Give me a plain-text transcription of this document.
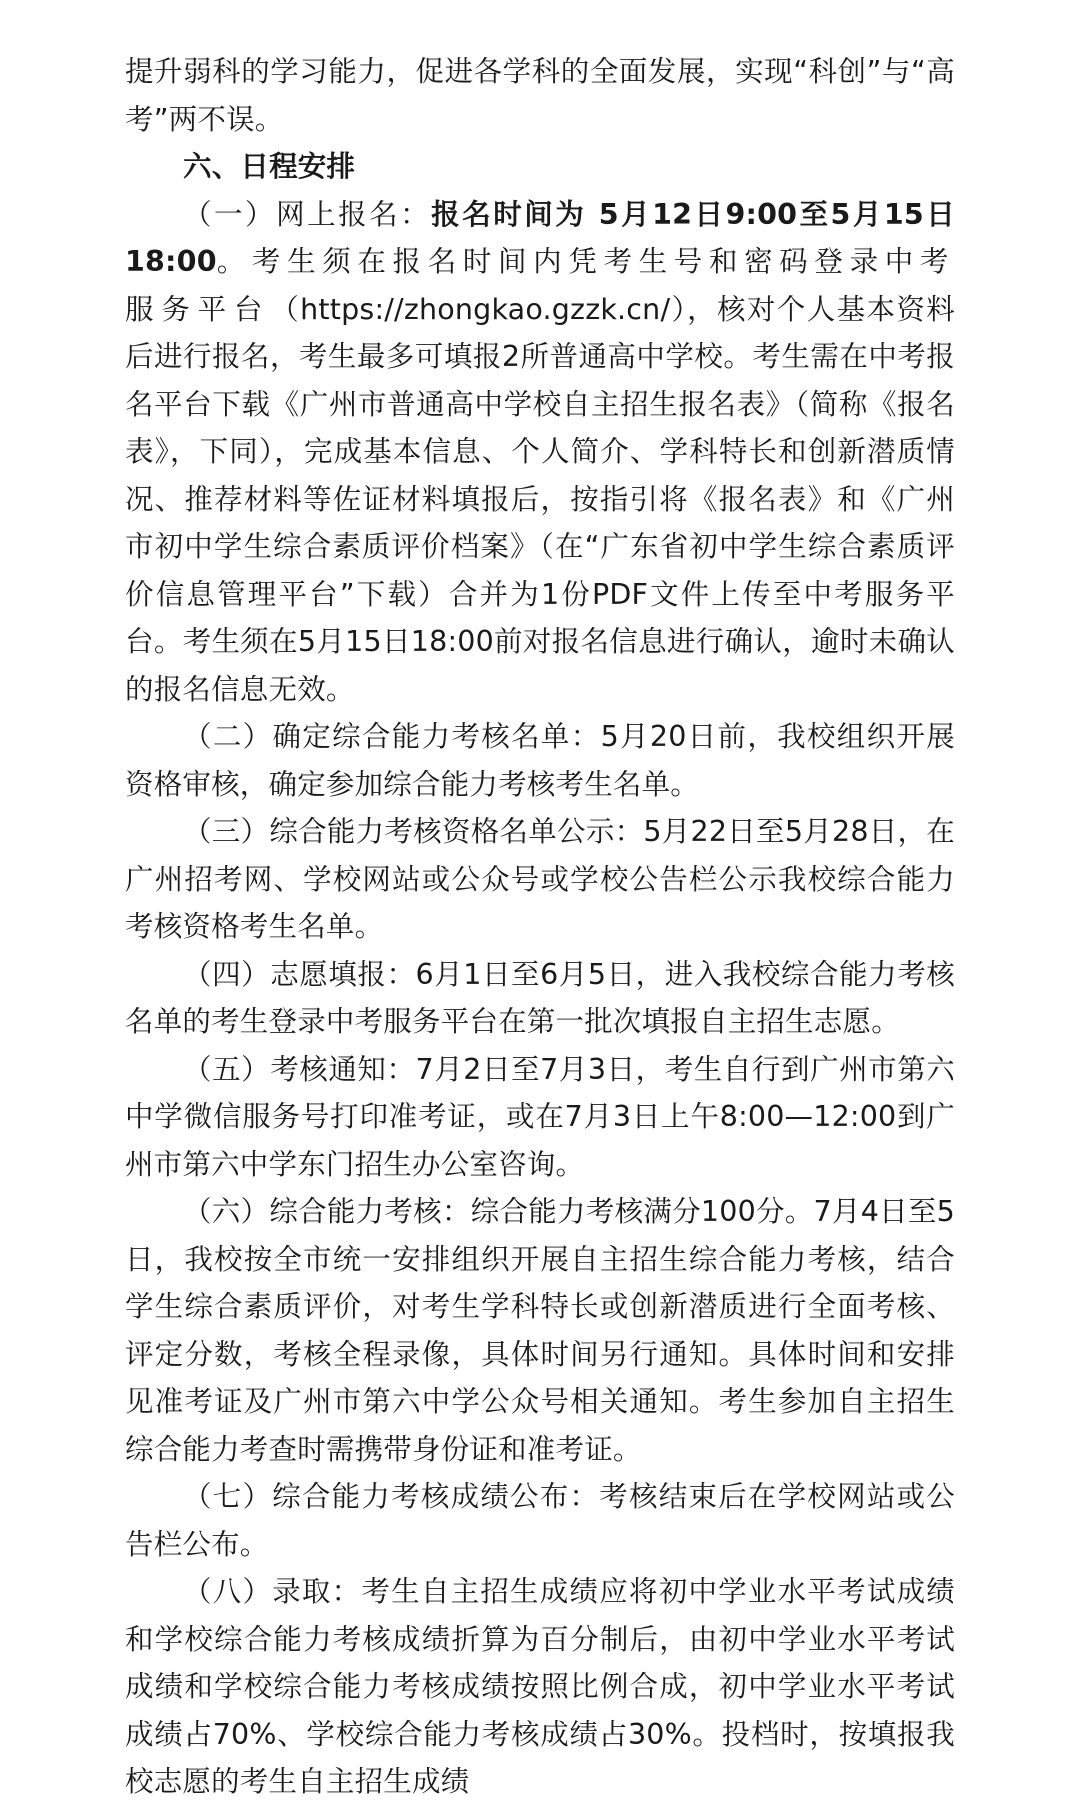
提升弱科的学习能力，促进各学科的全面发展，实现“科创”与“高考”两不误。

六、日程安排

（一）网上报名：报名时间为 5月12日9:00至5月15日18:00。考生须在报名时间内凭考生号和密码登录中考服务平台（https://zhongkao.gzzk.cn/），核对个人基本资料后进行报名，考生最多可填报2所普通高中学校。考生需在中考报名平台下载《广州市普通高中学校自主招生报名表》（简称《报名表》，下同），完成基本信息、个人简介、学科特长和创新潜质情况、推荐材料等佐证材料填报后，按指引将《报名表》和《广州市初中学生综合素质评价档案》（在“广东省初中学生综合素质评价信息管理平台”下载）合并为1份PDF文件上传至中考服务平台。考生须在5月15日18:00前对报名信息进行确认，逾时未确认的报名信息无效。

（二）确定综合能力考核名单：5月20日前，我校组织开展资格审核，确定参加综合能力考核考生名单。

（三）综合能力考核资格名单公示：5月22日至5月28日，在广州招考网、学校网站或公众号或学校公告栏公示我校综合能力考核资格考生名单。

（四）志愿填报：6月1日至6月5日，进入我校综合能力考核名单的考生登录中考服务平台在第一批次填报自主招生志愿。

（五）考核通知：7月2日至7月3日，考生自行到广州市第六中学微信服务号打印准考证，或在7月3日上午8:00—12:00到广州市第六中学东门招生办公室咨询。

（六）综合能力考核：综合能力考核满分100分。7月4日至5日，我校按全市统一安排组织开展自主招生综合能力考核，结合学生综合素质评价，对考生学科特长或创新潜质进行全面考核、评定分数，考核全程录像，具体时间另行通知。具体时间和安排见准考证及广州市第六中学公众号相关通知。考生参加自主招生综合能力考查时需携带身份证和准考证。

（七）综合能力考核成绩公布：考核结束后在学校网站或公告栏公布。

（八）录取：考生自主招生成绩应将初中学业水平考试成绩和学校综合能力考核成绩折算为百分制后，由初中学业水平考试成绩和学校综合能力考核成绩按照比例合成，初中学业水平考试成绩占70%、学校综合能力考核成绩占30%。投档时，按填报我校志愿的考生自主招生成绩
